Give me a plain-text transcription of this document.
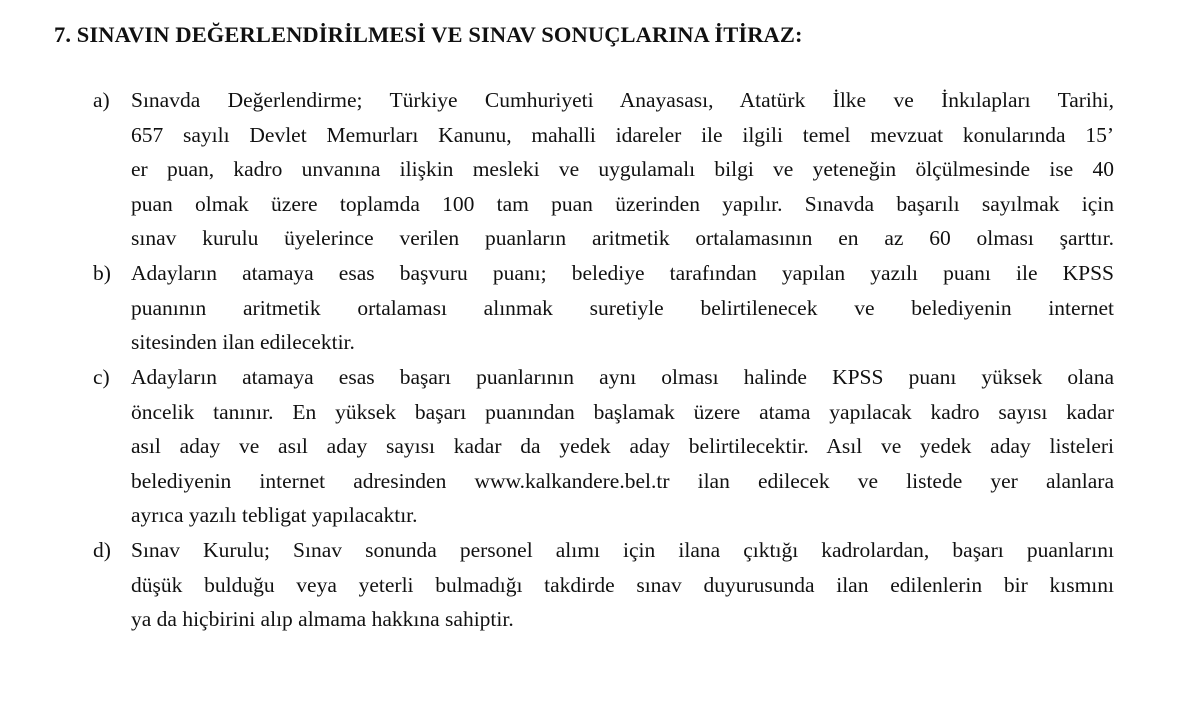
7. SINAVIN DEĞERLENDİRİLMESİ VE SINAV SONUÇLARINA İTİRAZ:
a) Sınavda Değerlendirme; Türkiye Cumhuriyeti Anayasası, Atatürk İlke ve İnkılapları Tarihi,
657 sayılı Devlet Memurları Kanunu, mahalli idareler ile ilgili temel mevzuat konularında 15’
er puan, kadro unvanına ilişkin mesleki ve uygulamalı bilgi ve yeteneğin ölçülmesinde ise 40
puan olmak üzere toplamda 100 tam puan üzerinden yapılır. Sınavda başarılı sayılmak için
sınav kurulu üyelerince verilen puanların aritmetik ortalamasının en az 60 olması şarttır.
b) Adayların atamaya esas başvuru puanı; belediye tarafından yapılan yazılı puanı ile KPSS
puanının aritmetik ortalaması alınmak suretiyle belirtilenecek ve belediyenin internet
sitesinden ilan edilecektir.
c) Adayların atamaya esas başarı puanlarının aynı olması halinde KPSS puanı yüksek olana
öncelik tanınır. En yüksek başarı puanından başlamak üzere atama yapılacak kadro sayısı kadar
asıl aday ve asıl aday sayısı kadar da yedek aday belirtilecektir. Asıl ve yedek aday listeleri
belediyenin internet adresinden www.kalkandere.bel.tr ilan edilecek ve listede yer alanlara
ayrıca yazılı tebligat yapılacaktır.
d) Sınav Kurulu; Sınav sonunda personel alımı için ilana çıktığı kadrolardan, başarı puanlarını
düşük bulduğu veya yeterli bulmadığı takdirde sınav duyurusunda ilan edilenlerin bir kısmını
ya da hiçbirini alıp almama hakkına sahiptir.
